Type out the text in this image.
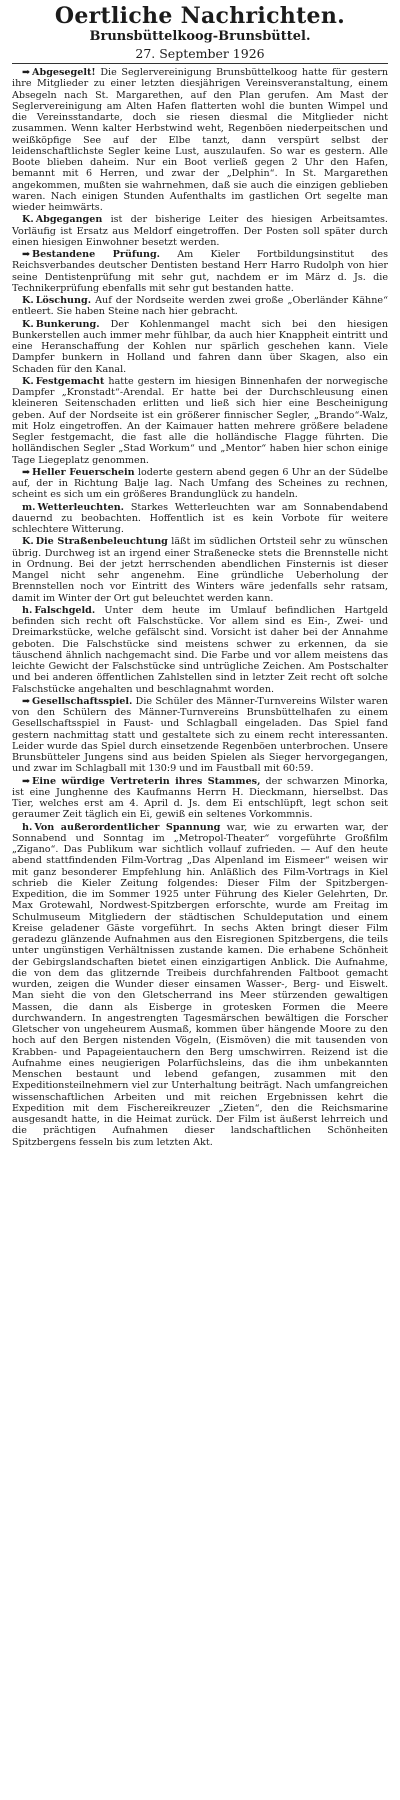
Oertliche Nachrichten.
Brunsbüttelkoog-Brunsbüttel.
27. September 1926

➡ Abgesegelt! Die Seglervereinigung Brunsbüttelkoog hatte für gestern ihre Mitglieder zu einer letzten diesjährigen Vereinsveranstaltung, einem Absegeln nach St. Margarethen, auf den Plan gerufen. Am Mast der Seglervereinigung am Alten Hafen flatterten wohl die bunten Wimpel und die Vereinsstandarte, doch sie riesen diesmal die Mitglieder nicht zusammen. Wenn kalter Herbstwind weht, Regenböen niederpeitschen und weißköpfige See auf der Elbe tanzt, dann verspürt selbst der leidenschaftlichste Segler keine Lust, auszulaufen. So war es gestern. Alle Boote blieben daheim. Nur ein Boot verließ gegen 2 Uhr den Hafen, bemannt mit 6 Herren, und zwar der „Delphin“. In St. Margarethen angekommen, mußten sie wahrnehmen, daß sie auch die einzigen geblieben waren. Nach einigen Stunden Aufenthalts im gastlichen Ort segelte man wieder heimwärts.

K. Abgegangen ist der bisherige Leiter des hiesigen Arbeitsamtes. Vorläufig ist Ersatz aus Meldorf eingetroffen. Der Posten soll später durch einen hiesigen Einwohner besetzt werden.

➡ Bestandene Prüfung. Am Kieler Fortbildungsinstitut des Reichsverbandes deutscher Dentisten bestand Herr Harro Rudolph von hier seine Dentistenprüfung mit sehr gut, nachdem er im März d. Js. die Technikerprüfung ebenfalls mit sehr gut bestanden hatte.

K. Löschung. Auf der Nordseite werden zwei große „Oberländer Kähne“ entleert. Sie haben Steine nach hier gebracht.

K. Bunkerung. Der Kohlenmangel macht sich bei den hiesigen Bunkerstellen auch immer mehr fühlbar, da auch hier Knappheit eintritt und eine Heranschaffung der Kohlen nur spärlich geschehen kann. Viele Dampfer bunkern in Holland und fahren dann über Skagen, also ein Schaden für den Kanal.

K. Festgemacht hatte gestern im hiesigen Binnenhafen der norwegische Dampfer „Kronstadt“-Arendal. Er hatte bei der Durchschleusung einen kleineren Seitenschaden erlitten und ließ sich hier eine Bescheinigung geben. Auf der Nordseite ist ein größerer finnischer Segler, „Brando“-Walz, mit Holz eingetroffen. An der Kaimauer hatten mehrere größere beladene Segler festgemacht, die fast alle die holländische Flagge führten. Die holländischen Segler „Stad Workum“ und „Mentor“ haben hier schon einige Tage Liegeplatz genommen.

➡ Heller Feuerschein loderte gestern abend gegen 6 Uhr an der Südelbe auf, der in Richtung Balje lag. Nach Umfang des Scheines zu rechnen, scheint es sich um ein größeres Brandunglück zu handeln.

m. Wetterleuchten. Starkes Wetterleuchten war am Sonnabendabend dauernd zu beobachten. Hoffentlich ist es kein Vorbote für weitere schlechtere Witterung.

K. Die Straßenbeleuchtung läßt im südlichen Ortsteil sehr zu wünschen übrig. Durchweg ist an irgend einer Straßenecke stets die Brennstelle nicht in Ordnung. Bei der jetzt herrschenden abendlichen Finsternis ist dieser Mangel nicht sehr angenehm. Eine gründliche Ueberholung der Brennstellen noch vor Eintritt des Winters wäre jedenfalls sehr ratsam, damit im Winter der Ort gut beleuchtet werden kann.

h. Falschgeld. Unter dem heute im Umlauf befindlichen Hartgeld befinden sich recht oft Falschstücke. Vor allem sind es Ein-, Zwei- und Dreimarkstücke, welche gefälscht sind. Vorsicht ist daher bei der Annahme geboten. Die Falschstücke sind meistens schwer zu erkennen, da sie täuschend ähnlich nachgemacht sind. Die Farbe und vor allem meistens das leichte Gewicht der Falschstücke sind untrügliche Zeichen. Am Postschalter und bei anderen öffentlichen Zahlstellen sind in letzter Zeit recht oft solche Falschstücke angehalten und beschlagnahmt worden.

➡ Gesellschaftsspiel. Die Schüler des Männer-Turnvereins Wilster waren von den Schülern des Männer-Turnvereins Brunsbüttelhafen zu einem Gesellschaftsspiel in Faust- und Schlagball eingeladen. Das Spiel fand gestern nachmittag statt und gestaltete sich zu einem recht interessanten. Leider wurde das Spiel durch einsetzende Regenböen unterbrochen. Unsere Brunsbütteler Jungens sind aus beiden Spielen als Sieger hervorgegangen, und zwar im Schlagball mit 130:9 und im Faustball mit 60:59.

➡ Eine würdige Vertreterin ihres Stammes, der schwarzen Minorka, ist eine Junghenne des Kaufmanns Herrn H. Dieckmann, hierselbst. Das Tier, welches erst am 4. April d. Js. dem Ei entschlüpft, legt schon seit geraumer Zeit täglich ein Ei, gewiß ein seltenes Vorkommnis.

h. Von außerordentlicher Spannung war, wie zu erwarten war, der Sonnabend und Sonntag im „Metropol-Theater“ vorgeführte Großfilm „Zigano“. Das Publikum war sichtlich vollauf zufrieden. — Auf den heute abend stattfindenden Film-Vortrag „Das Alpenland im Eismeer“ weisen wir mit ganz besonderer Empfehlung hin. Anläßlich des Film-Vortrags in Kiel schrieb die Kieler Zeitung folgendes: Dieser Film der Spitzbergen-Expedition, die im Sommer 1925 unter Führung des Kieler Gelehrten, Dr. Max Grotewahl, Nordwest-Spitzbergen erforschte, wurde am Freitag im Schulmuseum Mitgliedern der städtischen Schuldeputation und einem Kreise geladener Gäste vorgeführt. In sechs Akten bringt dieser Film geradezu glänzende Aufnahmen aus den Eisregionen Spitzbergens, die teils unter ungünstigen Verhältnissen zustande kamen. Die erhabene Schönheit der Gebirgslandschaften bietet einen einzigartigen Anblick. Die Aufnahme, die von dem das glitzernde Treibeis durchfahrenden Faltboot gemacht wurden, zeigen die Wunder dieser einsamen Wasser-, Berg- und Eiswelt. Man sieht die von den Gletscherrand ins Meer stürzenden gewaltigen Massen, die dann als Eisberge in grotesken Formen die Meere durchwandern. In angestrengten Tagesmärschen bewältigen die Forscher Gletscher von ungeheurem Ausmaß, kommen über hängende Moore zu den hoch auf den Bergen nistenden Vögeln, (Eismöven) die mit tausenden von Krabben- und Papageientauchern den Berg umschwirren. Reizend ist die Aufnahme eines neugierigen Polarfüchsleins, das die ihm unbekannten Menschen bestaunt und lebend gefangen, zusammen mit den Expeditionsteilnehmern viel zur Unterhaltung beiträgt. Nach umfangreichen wissenschaftlichen Arbeiten und mit reichen Ergebnissen kehrt die Expedition mit dem Fischereikreuzer „Zieten“, den die Reichsmarine ausgesandt hatte, in die Heimat zurück. Der Film ist äußerst lehrreich und die prächtigen Aufnahmen dieser landschaftlichen Schönheiten Spitzbergens fesseln bis zum letzten Akt.
